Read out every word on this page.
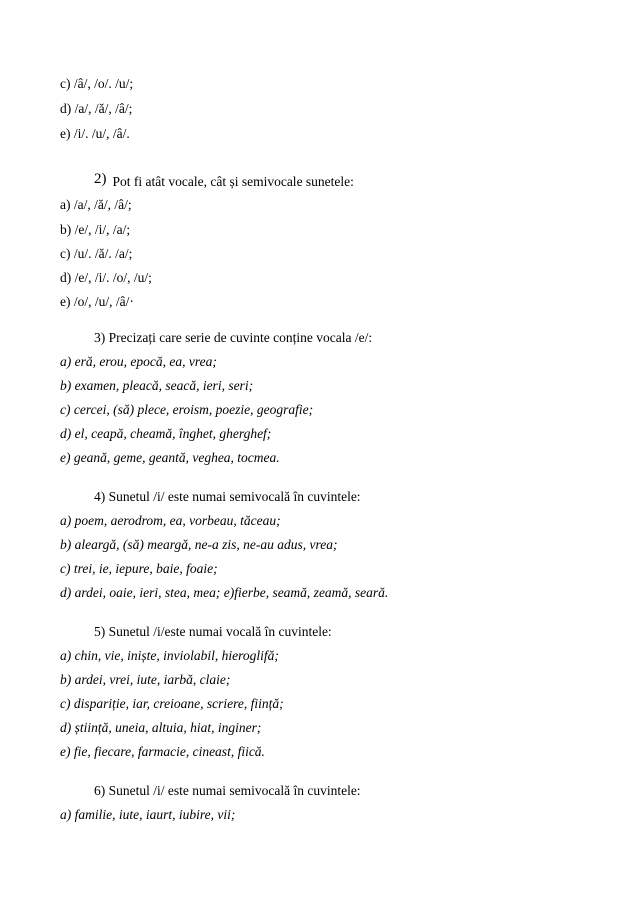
c) /â/, /o/. /u/;
d) /a/, /ă/, /â/;
e) /i/. /u/, /â/.
2) Pot fi atât vocale, cât și semivocale sunetele:
a) /a/, /ă/, /â/;
b) /e/, /i/, /a/;
c) /u/. /ă/. /a/;
d) /e/, /i/. /o/, /u/;
e) /o/, /u/, /â/·
3) Precizați care serie de cuvinte conține vocala /e/:
a) eră, erou, epocă, ea, vrea;
b) examen, pleacă, seacă, ieri, seri;
c) cercei, (să) plece, eroism, poezie, geografie;
d) el, ceapă, cheamă, înghet, gherghef;
e) geană, geme, geantă, veghea, tocmea.
4) Sunetul /i/ este numai semivocală în cuvintele:
a) poem, aerodrom, ea, vorbeau, tăceau;
b) aleargă, (să) meargă, ne-a zis, ne-au adus, vrea;
c) trei, ie, iepure, baie, foaie;
d) ardei, oaie, ieri, stea, mea; e)fierbe, seamă, zeamă, seară.
5) Sunetul /i/este numai vocală în cuvintele:
a) chin, vie, iniște, inviolabil, hieroglifă;
b) ardei, vrei, iute, iarbă, claie;
c) dispariție, iar, creioane, scriere, ființă;
d) știință, uneia, altuia, hiat, inginer;
e) fie, fiecare, farmacie, cineast, fiică.
6) Sunetul /i/ este numai semivocală în cuvintele:
a) familie, iute, iaurt, iubire, vii;
